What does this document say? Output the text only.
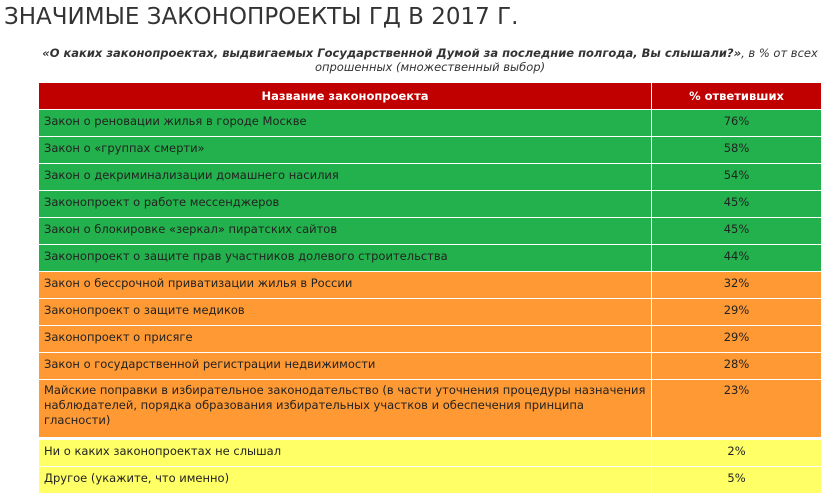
ЗНАЧИМЫЕ ЗАКОНОПРОЕКТЫ ГД В 2017 Г.
«О каких законопроектах, выдвигаемых Государственной Думой за последние полгода, Вы слышали?», в % от всех опрошенных (множественный выбор)
Название законопроекта	% ответивших
Закон о реновации жилья в городе Москве	76%
Закон о «группах смерти»	58%
Закон о декриминализации домашнего насилия	54%
Законопроект о работе мессенджеров	45%
Закон о блокировке «зеркал» пиратских сайтов	45%
Законопроект о защите прав участников долевого строительства	44%
Закон о бессрочной приватизации жилья в России	32%
Законопроект о защите медиков	29%
Законопроект о присяге	29%
Закон о государственной регистрации недвижимости	28%
Майские поправки в избирательное законодательство (в части уточнения процедуры назначения наблюдателей, порядка образования избирательных участков и обеспечения принципа гласности)	23%

Ни о каких законопроектах не слышал	2%
Другое (укажите, что именно)	5%
